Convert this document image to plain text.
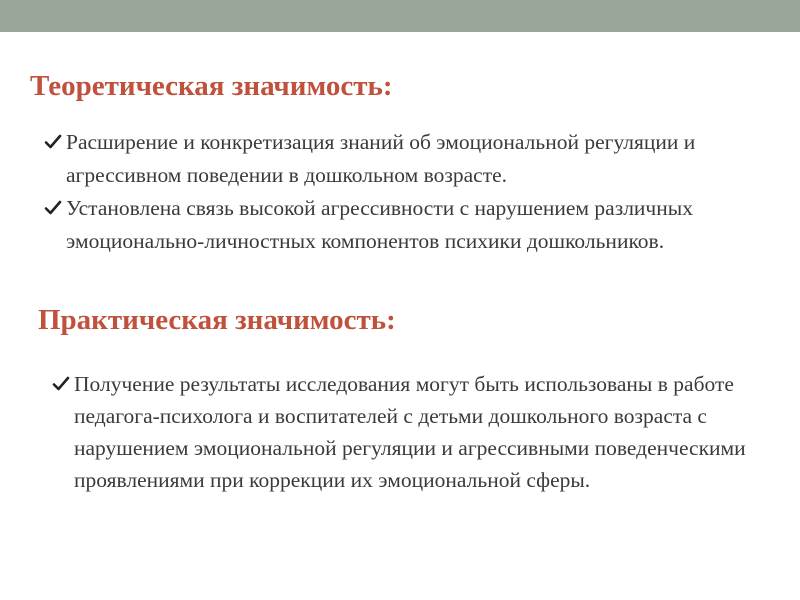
Теоретическая значимость:
Расширение и конкретизация знаний об эмоциональной регуляции и агрессивном поведении в дошкольном возрасте.
Установлена связь высокой агрессивности с нарушением различных эмоционально-личностных компонентов психики дошкольников.
Практическая значимость:
Получение результаты исследования могут быть использованы в работе педагога-психолога и воспитателей с детьми дошкольного возраста с нарушением эмоциональной регуляции и агрессивными поведенческими проявлениями при коррекции их эмоциональной сферы.
